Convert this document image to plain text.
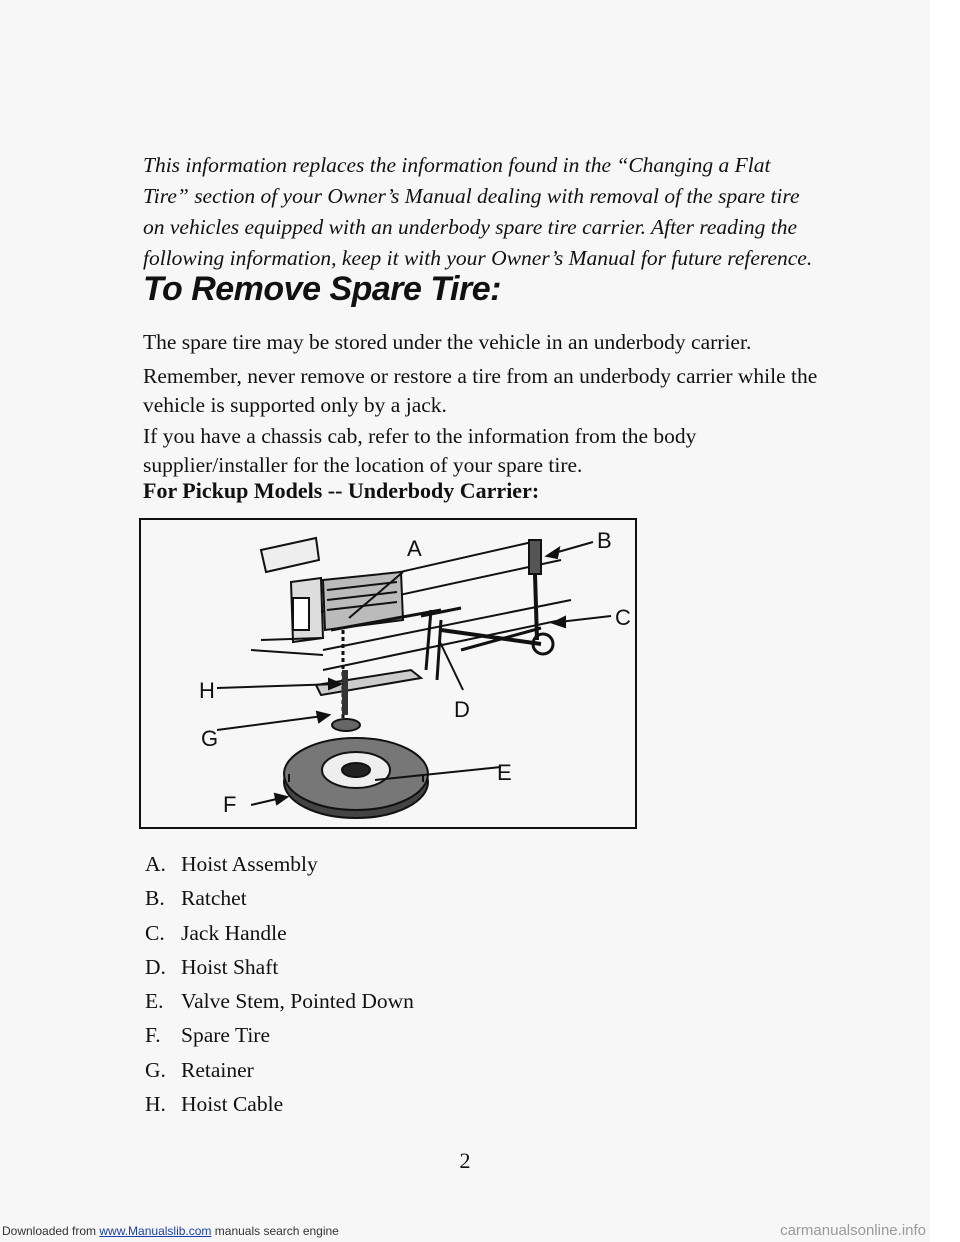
This information replaces the information found in the “Changing a Flat
Tire” section of your Owner’s Manual dealing with removal of the spare tire
on vehicles equipped with an underbody spare tire carrier. After reading the
following information, keep it with your Owner’s Manual for future reference.
To Remove Spare Tire:
The spare tire may be stored under the vehicle in an underbody carrier.
Remember, never remove or restore a tire from an underbody carrier while the
vehicle is supported only by a jack.
If you have a chassis cab, refer to the information from the body
supplier/installer for the location of your spare tire.
For Pickup Models -- Underbody Carrier:
A	B
C
D
E
F
G
H
A. Hoist Assembly
B. Ratchet
C. Jack Handle
D. Hoist Shaft
E. Valve Stem, Pointed Down
F. Spare Tire
G. Retainer
H. Hoist Cable
2
Downloaded from www.Manualslib.com manuals search engine	carmanualsonline.info
